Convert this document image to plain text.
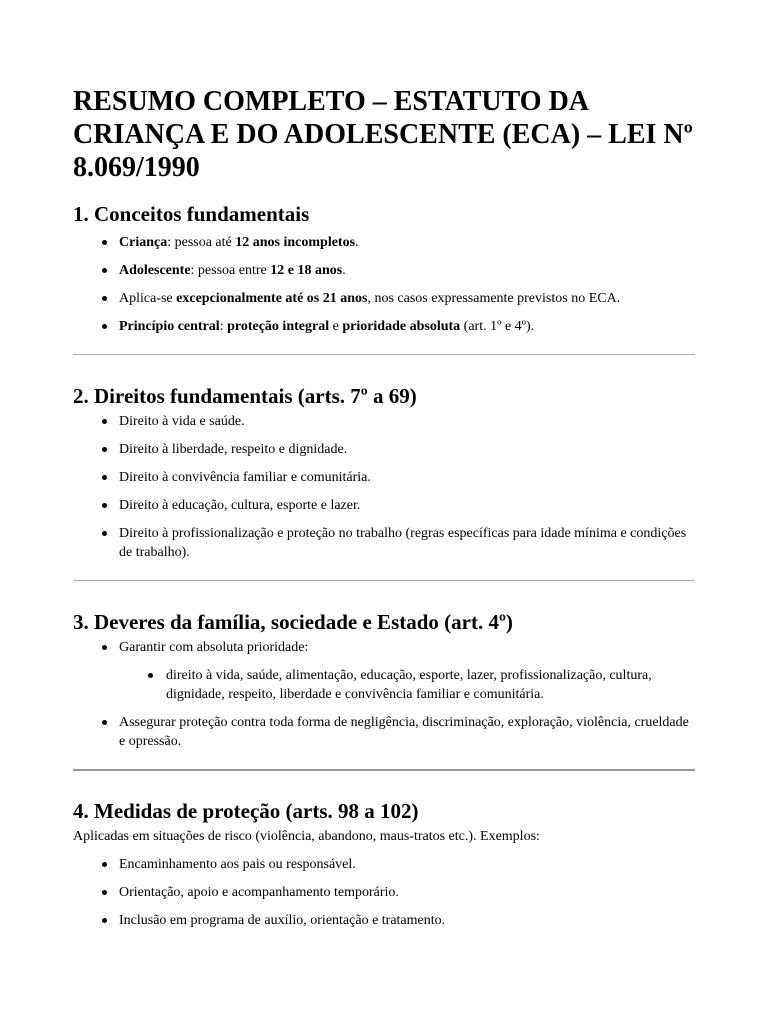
RESUMO COMPLETO – ESTATUTO DA CRIANÇA E DO ADOLESCENTE (ECA) – LEI Nº 8.069/1990
1. Conceitos fundamentais
Criança: pessoa até 12 anos incompletos.
Adolescente: pessoa entre 12 e 18 anos.
Aplica-se excepcionalmente até os 21 anos, nos casos expressamente previstos no ECA.
Princípio central: proteção integral e prioridade absoluta (art. 1º e 4º).
2. Direitos fundamentais (arts. 7º a 69)
Direito à vida e saúde.
Direito à liberdade, respeito e dignidade.
Direito à convivência familiar e comunitária.
Direito à educação, cultura, esporte e lazer.
Direito à profissionalização e proteção no trabalho (regras específicas para idade mínima e condições de trabalho).
3. Deveres da família, sociedade e Estado (art. 4º)
Garantir com absoluta prioridade:
direito à vida, saúde, alimentação, educação, esporte, lazer, profissionalização, cultura, dignidade, respeito, liberdade e convivência familiar e comunitária.
Assegurar proteção contra toda forma de negligência, discriminação, exploração, violência, crueldade e opressão.
4. Medidas de proteção (arts. 98 a 102)

Aplicadas em situações de risco (violência, abandono, maus-tratos etc.). Exemplos:

Encaminhamento aos pais ou responsável.
Orientação, apoio e acompanhamento temporário.
Inclusão em programa de auxílio, orientação e tratamento.
